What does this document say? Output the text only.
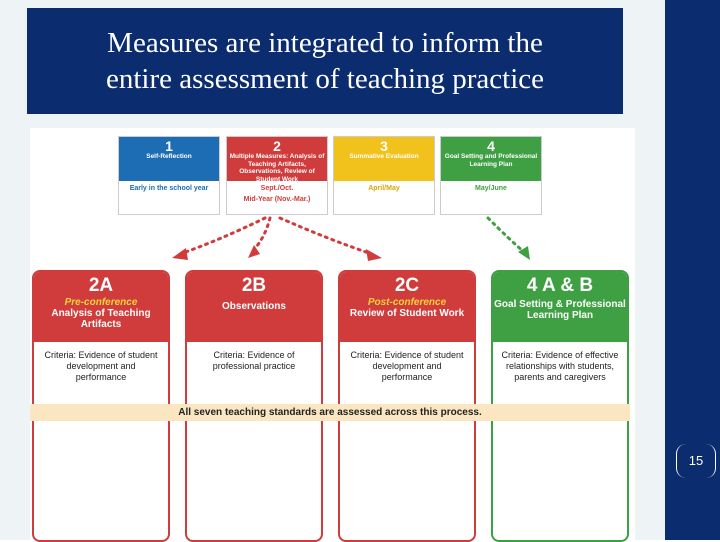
Measures are integrated to inform the
entire assessment of teaching practice
1
Self-Reflection
Early in the school year
2
Multiple Measures: Analysis of Teaching Artifacts, Observations, Review of Student Work
Sept./Oct.
Mid-Year (Nov.-Mar.)
3
Summative Evaluation
April/May
4
Goal Setting and Professional Learning Plan
May/June
2A
Pre-conference
Analysis of Teaching Artifacts
Criteria: Evidence of student development and performance
2B
Observations
Criteria: Evidence of professional practice
2C
Post-conference
Review of Student Work
Criteria: Evidence of student development and performance
4 A & B
Goal Setting & Professional Learning Plan
Criteria: Evidence of effective relationships with students, parents and caregivers
All seven teaching standards are assessed across this process.
15
